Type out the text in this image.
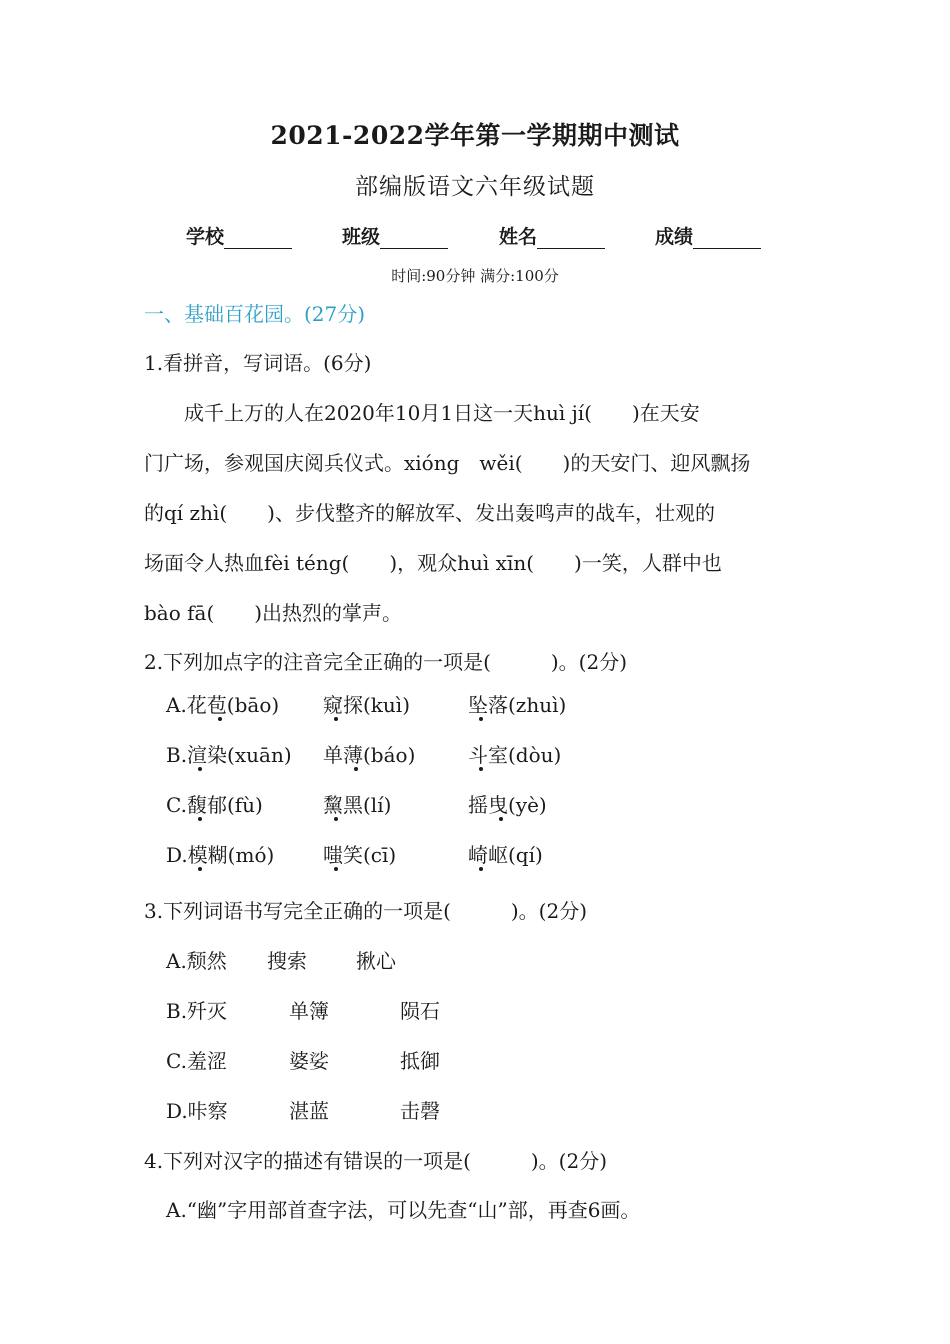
2021-2022学年第一学期期中测试
部编版语文六年级试题
学校	班级	姓名	成绩
时间:90分钟 满分:100分
一、基础百花园。(27分)
1.看拼音，写词语。(6分)
　　成千上万的人在2020年10月1日这一天huì jí(　　)在天安
门广场，参观国庆阅兵仪式。xióng　wěi(　　)的天安门、迎风飘扬
的qí zhì(　　)、步伐整齐的解放军、发出轰鸣声的战车，壮观的
场面令人热血fèi téng(　　)，观众huì xīn(　　)一笑，人群中也
bào fā(　　)出热烈的掌声。
2.下列加点字的注音完全正确的一项是(　　　)。(2分)
A.花苞(bāo) 窥探(kuì)	坠落(zhuì)
B.渲染(xuān) 单薄(báo)	斗室(dòu)
C.馥郁(fù)	黧黑(lí)	摇曳(yè)
D.模糊(mó) 嗤笑(cī)	崎岖(qí)
3.下列词语书写完全正确的一项是(　　　)。(2分)
A.颓然 搜索 揪心
B.歼灭	单簿	陨石
C.羞涩	婆娑	抵御
D.咔察	湛蓝	击磬
4.下列对汉字的描述有错误的一项是(　　　)。(2分)
A.“幽”字用部首查字法，可以先查“山”部，再查6画。
